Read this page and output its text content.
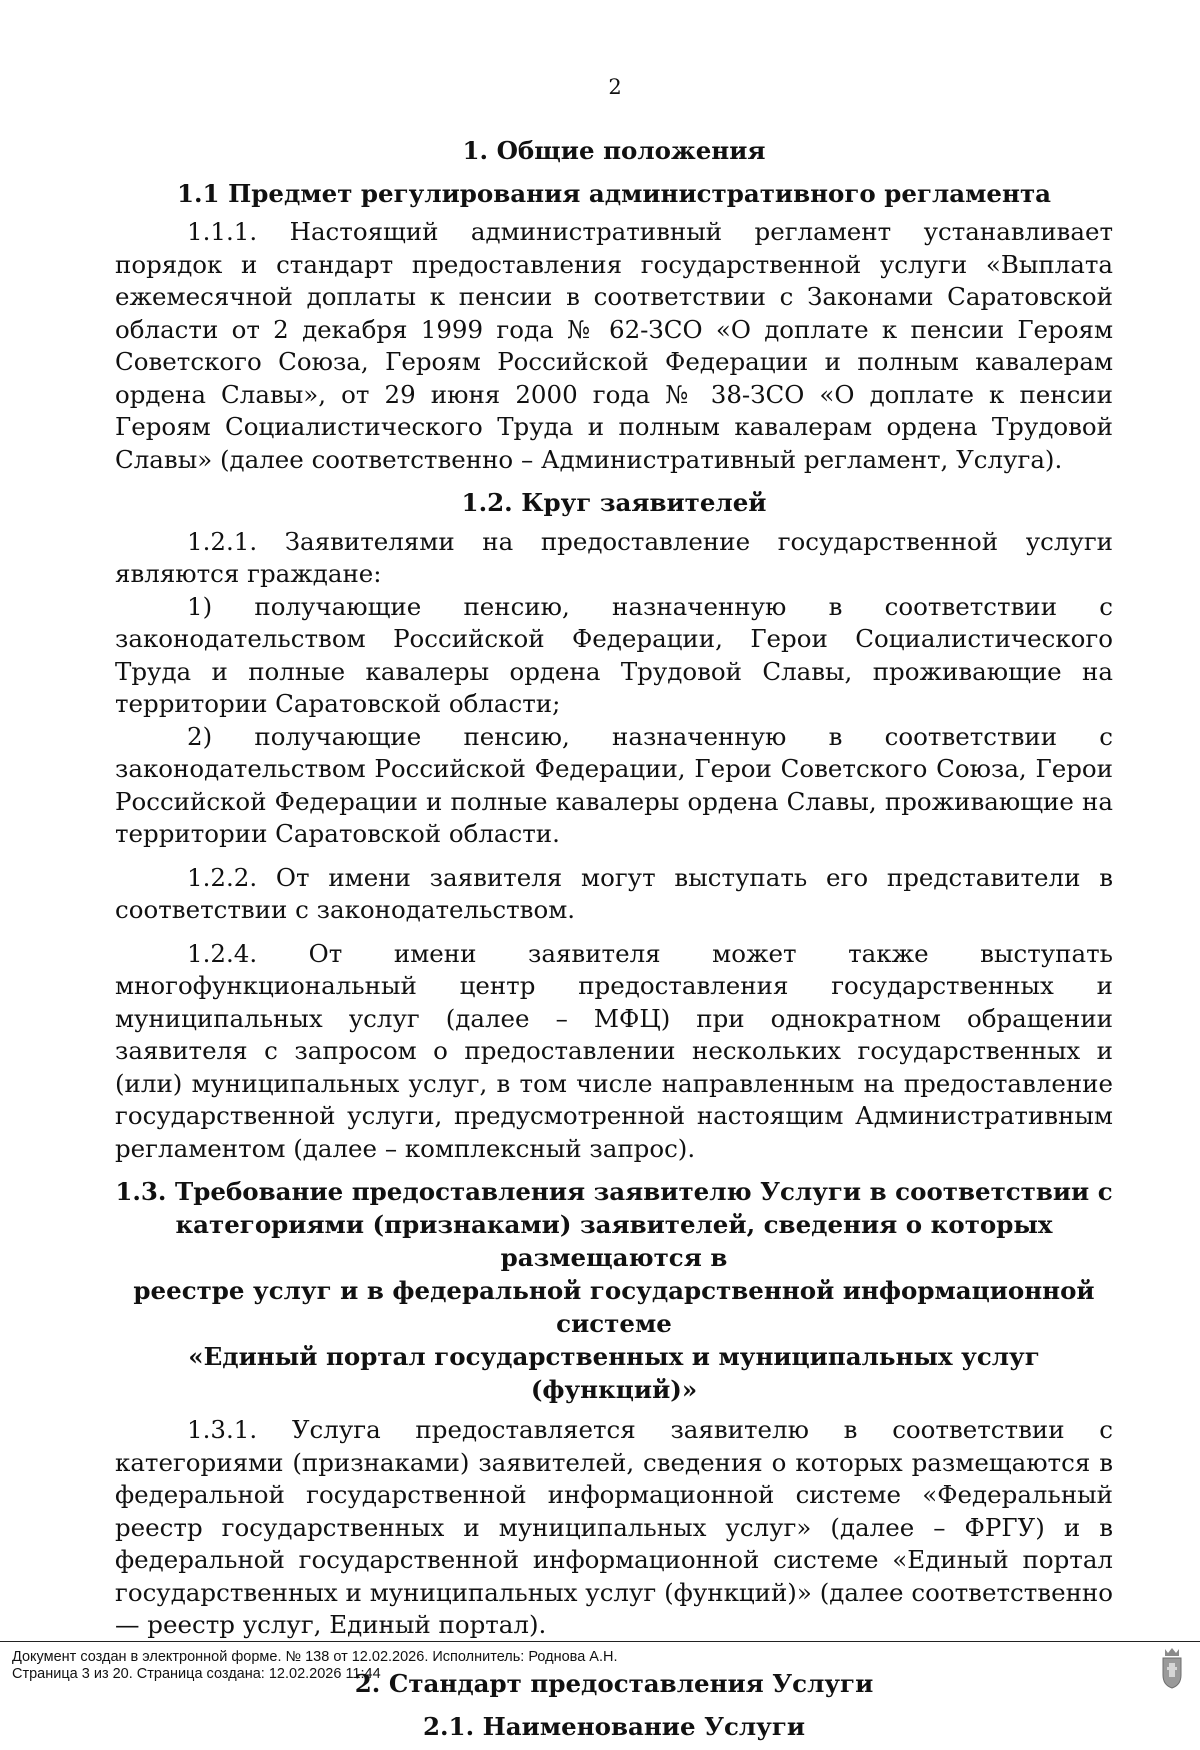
2

1. Общие положения

1.1 Предмет регулирования административного регламента

1.1.1. Настоящий административный регламент устанавливает порядок и стандарт предоставления государственной услуги «Выплата ежемесячной доплаты к пенсии в соответствии с Законами Саратовской области от 2 декабря 1999 года № 62-ЗСО «О доплате к пенсии Героям Советского Союза, Героям Российской Федерации и полным кавалерам ордена Славы», от 29 июня 2000 года № 38-ЗСО «О доплате к пенсии Героям Социалистического Труда и полным кавалерам ордена Трудовой Славы» (далее соответственно – Административный регламент, Услуга).

1.2. Круг заявителей

1.2.1. Заявителями на предоставление государственной услуги являются граждане:

1) получающие пенсию, назначенную в соответствии с законодательством Российской Федерации, Герои Социалистического Труда и полные кавалеры ордена Трудовой Славы, проживающие на территории Саратовской области;

2) получающие пенсию, назначенную в соответствии с законодательством Российской Федерации, Герои Советского Союза, Герои Российской Федерации и полные кавалеры ордена Славы, проживающие на территории Саратовской области.

1.2.2. От имени заявителя могут выступать его представители в соответствии с законодательством.

1.2.4. От имени заявителя может также выступать многофункциональный центр предоставления государственных и муниципальных услуг (далее – МФЦ) при однократном обращении заявителя с запросом о предоставлении нескольких государственных и (или) муниципальных услуг, в том числе направленным на предоставление государственной услуги, предусмотренной настоящим Административным регламентом (далее – комплексный запрос).

1.3. Требование предоставления заявителю Услуги в соответствии с
категориями (признаками) заявителей, сведения о которых размещаются в
реестре услуг и в федеральной государственной информационной системе
«Единый портал государственных и муниципальных услуг (функций)»

1.3.1. Услуга предоставляется заявителю в соответствии с категориями (признаками) заявителей, сведения о которых размещаются в федеральной государственной информационной системе «Федеральный реестр государственных и муниципальных услуг» (далее – ФРГУ) и в федеральной государственной информационной системе «Единый портал государственных и муниципальных услуг (функций)» (далее соответственно — реестр услуг, Единый портал).

2. Стандарт предоставления Услуги

2.1. Наименование Услуги

Документ создан в электронной форме. № 138 от 12.02.2026. Исполнитель: Роднова А.Н.
Страница 3 из 20. Страница создана: 12.02.2026 11:44
